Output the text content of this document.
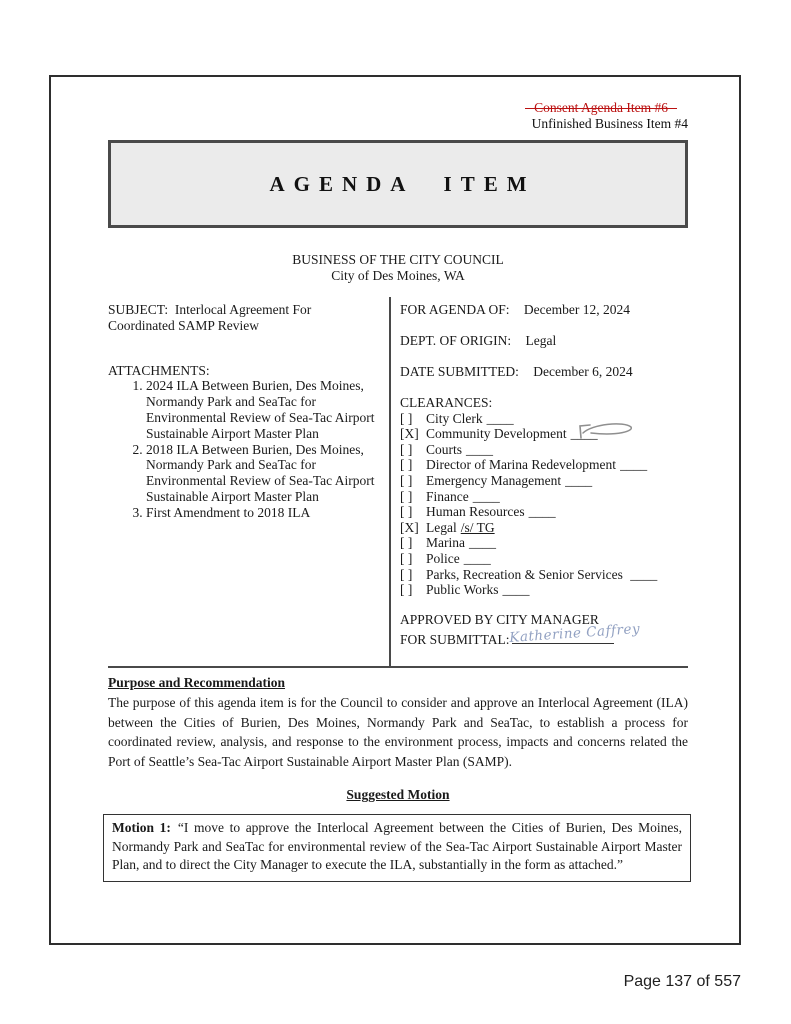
Consent Agenda Item #6
Unfinished Business Item #4
AGENDA ITEM
BUSINESS OF THE CITY COUNCIL
City of Des Moines, WA

SUBJECT: Interlocal Agreement For Coordinated SAMP Review

ATTACHMENTS:

1. 2024 ILA Between Burien, Des Moines, Normandy Park and SeaTac for Environmental Review of Sea-Tac Airport Sustainable Airport Master Plan
2. 2018 ILA Between Burien, Des Moines, Normandy Park and SeaTac for Environmental Review of Sea-Tac Airport Sustainable Airport Master Plan
3. First Amendment to 2018 ILA

FOR AGENDA OF: December 12, 2024

DEPT. OF ORIGIN: Legal

DATE SUBMITTED: December 6, 2024

CLEARANCES:

[ ] City Clerk ____
[X] Community Development ____
[ ] Courts ____
[ ] Director of Marina Redevelopment ____
[ ] Emergency Management ____
[ ] Finance ____
[ ] Human Resources ____
[X] Legal /s/ TG
[ ] Marina ____
[ ] Police ____
[ ] Parks, Recreation & Senior Services ____
[ ] Public Works ____
APPROVED BY CITY MANAGER
FOR SUBMITTAL:
Katherine Caffrey
Purpose and Recommendation

The purpose of this agenda item is for the Council to consider and approve an Interlocal Agreement (ILA) between the Cities of Burien, Des Moines, Normandy Park and SeaTac, to establish a process for coordinated review, analysis, and response to the environment process, impacts and concerns related the Port of Seattle’s Sea-Tac Airport Sustainable Airport Master Plan (SAMP).

Suggested Motion

Motion 1: “I move to approve the Interlocal Agreement between the Cities of Burien, Des Moines, Normandy Park and SeaTac for environmental review of the Sea-Tac Airport Sustainable Airport Master Plan, and to direct the City Manager to execute the ILA, substantially in the form as attached.”

Page 137 of 557
